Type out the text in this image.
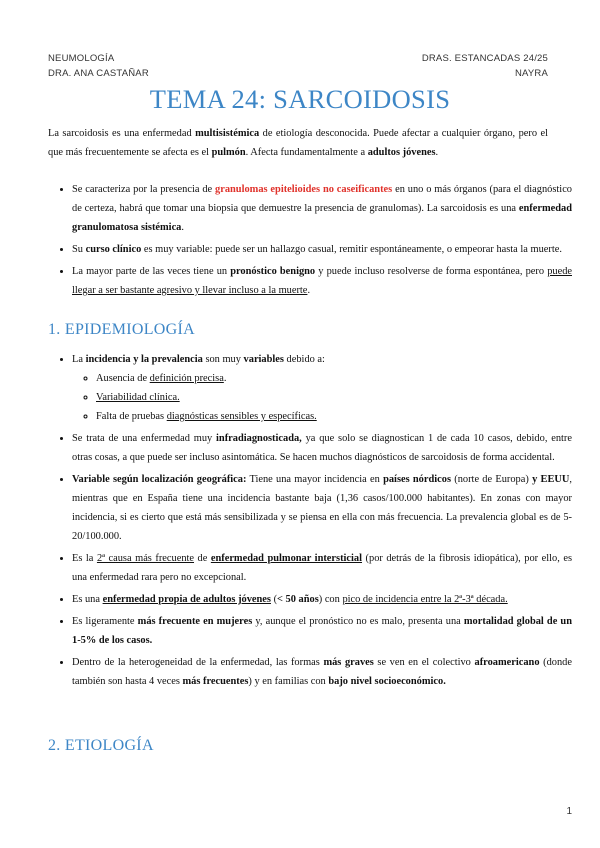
NEUMOLOGÍA
DRA. ANA CASTAÑAR
DRAS. ESTANCADAS 24/25
NAYRA
TEMA 24: SARCOIDOSIS

La sarcoidosis es una enfermedad multisistémica de etiología desconocida. Puede afectar a cualquier órgano, pero el que más frecuentemente se afecta es el pulmón. Afecta fundamentalmente a adultos jóvenes.

• Se caracteriza por la presencia de granulomas epitelioides no caseificantes en uno o más órganos (para el diagnóstico de certeza, habrá que tomar una biopsia que demuestre la presencia de granulomas). La sarcoidosis es una enfermedad granulomatosa sistémica.
• Su curso clínico es muy variable: puede ser un hallazgo casual, remitir espontáneamente, o empeorar hasta la muerte.
• La mayor parte de las veces tiene un pronóstico benigno y puede incluso resolverse de forma espontánea, pero puede llegar a ser bastante agresivo y llevar incluso a la muerte.
1. EPIDEMIOLOGÍA
• La incidencia y la prevalencia son muy variables debido a:
◦ Ausencia de definición precisa.
◦ Variabilidad clínica.
◦ Falta de pruebas diagnósticas sensibles y específicas.
• Se trata de una enfermedad muy infradiagnosticada, ya que solo se diagnostican 1 de cada 10 casos, debido, entre otras cosas, a que puede ser incluso asintomática. Se hacen muchos diagnósticos de sarcoidosis de forma accidental.
• Variable según localización geográfica: Tiene una mayor incidencia en países nórdicos (norte de Europa) y EEUU, mientras que en España tiene una incidencia bastante baja (1,36 casos/100.000 habitantes). En zonas con mayor incidencia, si es cierto que está más sensibilizada y se piensa en ella con más frecuencia. La prevalencia global es de 5-20/100.000.
• Es la 2ª causa más frecuente de enfermedad pulmonar intersticial (por detrás de la fibrosis idiopática), por ello, es una enfermedad rara pero no excepcional.
• Es una enfermedad propia de adultos jóvenes (< 50 años) con pico de incidencia entre la 2ª-3ª década.
• Es ligeramente más frecuente en mujeres y, aunque el pronóstico no es malo, presenta una mortalidad global de un 1-5% de los casos.
• Dentro de la heterogeneidad de la enfermedad, las formas más graves se ven en el colectivo afroamericano (donde también son hasta 4 veces más frecuentes) y en familias con bajo nivel socioeconómico.
2. ETIOLOGÍA
1
